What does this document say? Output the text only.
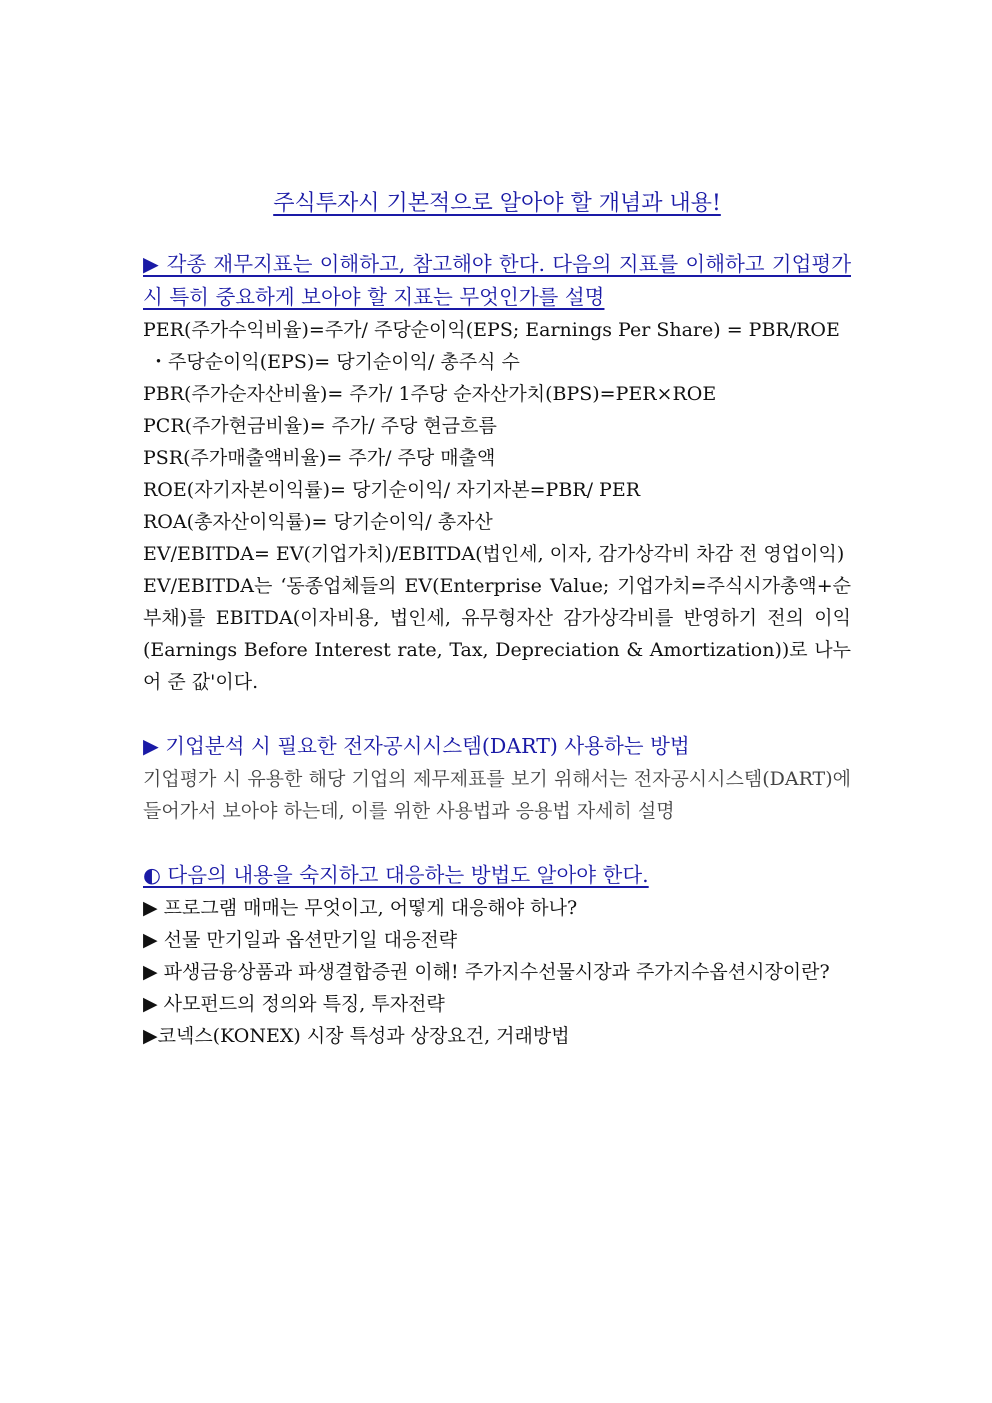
주식투자시 기본적으로 알아야 할 개념과 내용!
▶ 각종 재무지표는 이해하고, 참고해야 한다. 다음의 지표를 이해하고 기업평가 시 특히 중요하게 보아야 할 지표는 무엇인가를 설명
PER(주가수익비율)=주가/ 주당순이익(EPS; Earnings Per Share) = PBR/ROE
・주당순이익(EPS)= 당기순이익/ 총주식 수
PBR(주가순자산비율)= 주가/ 1주당 순자산가치(BPS)=PER×ROE
PCR(주가현금비율)= 주가/ 주당 현금흐름
PSR(주가매출액비율)= 주가/ 주당 매출액
ROE(자기자본이익률)= 당기순이익/ 자기자본=PBR/ PER
ROA(총자산이익률)= 당기순이익/ 총자산
EV/EBITDA= EV(기업가치)/EBITDA(법인세, 이자, 감가상각비 차감 전 영업이익)
EV/EBITDA는 ‘동종업체들의 EV(Enterprise Value; 기업가치=주식시가총액+순부채)를 EBITDA(이자비용, 법인세, 유무형자산 감가상각비를 반영하기 전의 이익(Earnings Before Interest rate, Tax, Depreciation & Amortization))로 나누어 준 값'이다.
▶ 기업분석 시 필요한 전자공시시스템(DART) 사용하는 방법
기업평가 시 유용한 해당 기업의 제무제표를 보기 위해서는 전자공시시스템(DART)에 들어가서 보아야 하는데, 이를 위한 사용법과 응용법 자세히 설명
◐ 다음의 내용을 숙지하고 대응하는 방법도 알아야 한다.
▶ 프로그램 매매는 무엇이고, 어떻게 대응해야 하나?
▶ 선물 만기일과 옵션만기일 대응전략
▶ 파생금융상품과 파생결합증권 이해! 주가지수선물시장과 주가지수옵션시장이란?
▶ 사모펀드의 정의와 특징, 투자전략
▶코넥스(KONEX) 시장 특성과 상장요건, 거래방법
